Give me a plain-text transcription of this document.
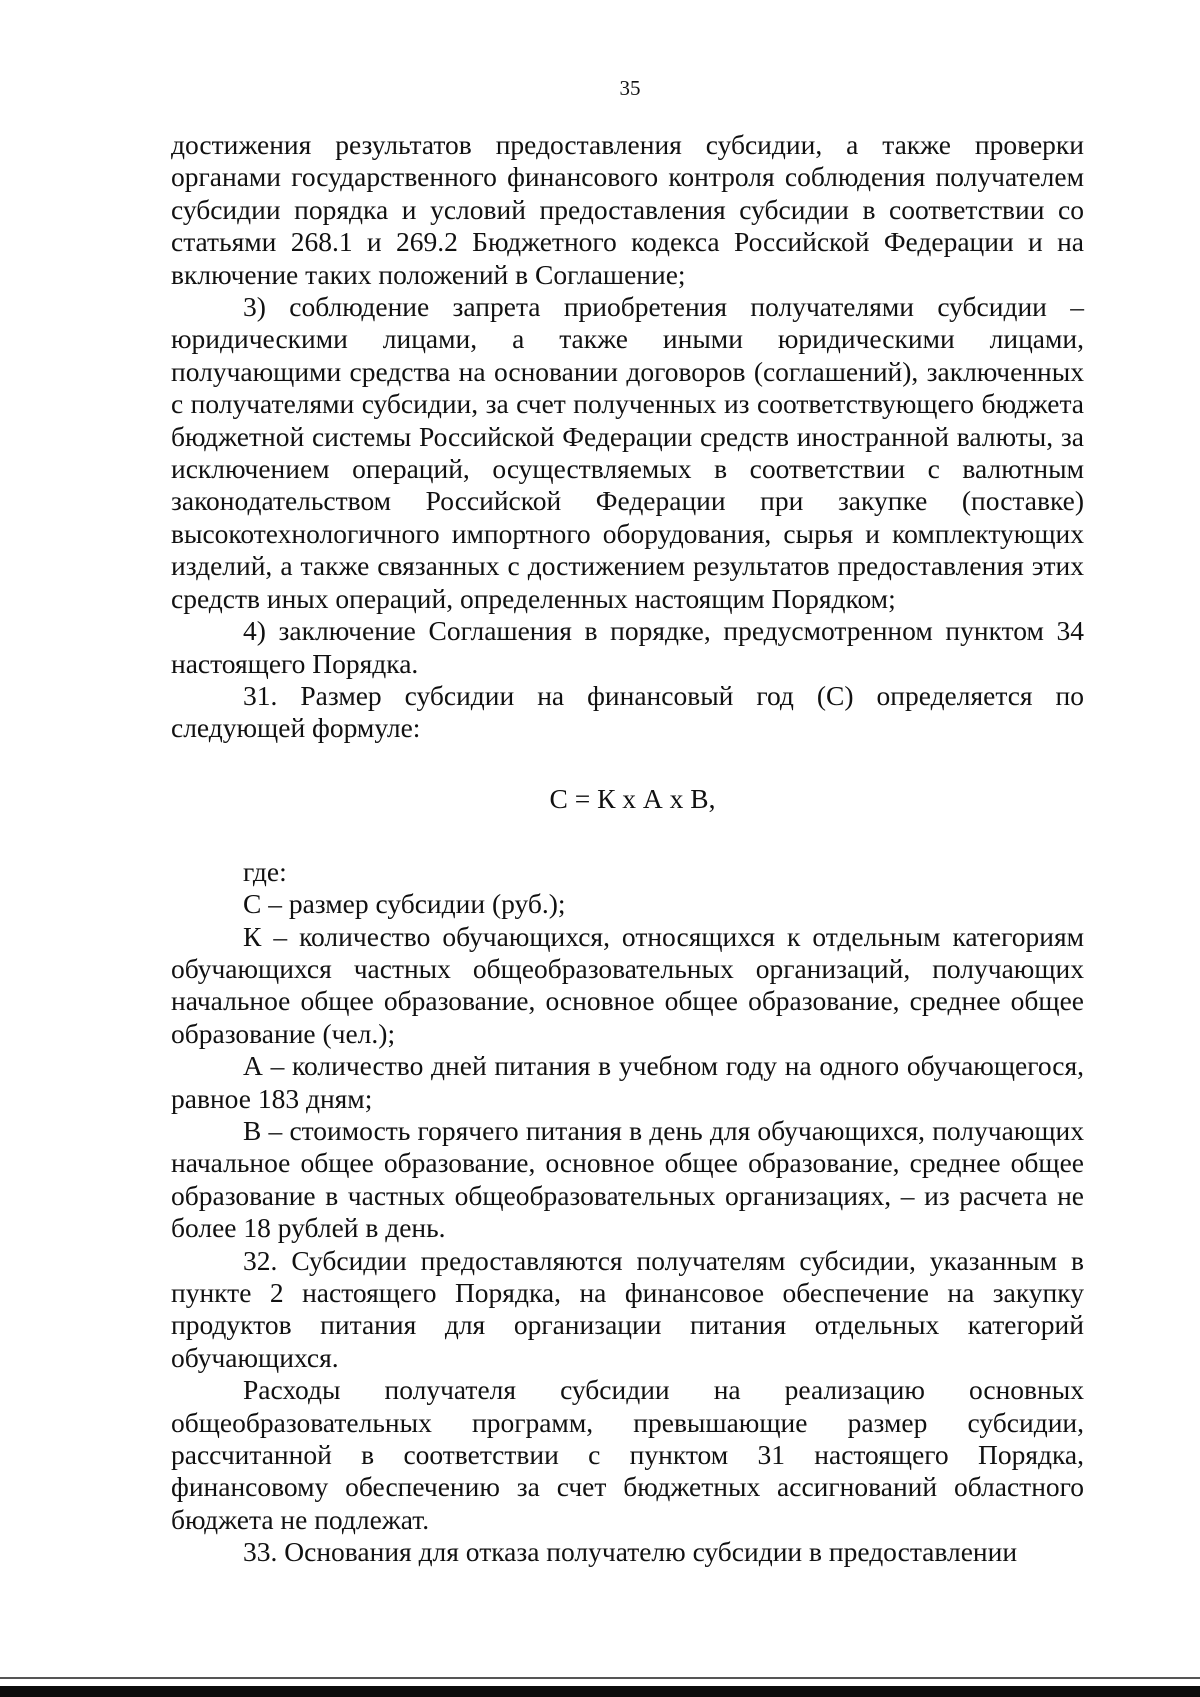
35

достижения результатов предоставления субсидии, а также проверки органами государственного финансового контроля соблюдения получателем субсидии порядка и условий предоставления субсидии в соответствии со статьями 268.1 и 269.2 Бюджетного кодекса Российской Федерации и на включение таких положений в Соглашение;

3) соблюдение запрета приобретения получателями субсидии – юридическими лицами, а также иными юридическими лицами, получающими средства на основании договоров (соглашений), заключенных с получателями субсидии, за счет полученных из соответствующего бюджета бюджетной системы Российской Федерации средств иностранной валюты, за исключением операций, осуществляемых в соответствии с валютным законодательством Российской Федерации при закупке (поставке) высокотехнологичного импортного оборудования, сырья и комплектующих изделий, а также связанных с достижением результатов предоставления этих средств иных операций, определенных настоящим Порядком;

4) заключение Соглашения в порядке, предусмотренном пунктом 34 настоящего Порядка.

31. Размер субсидии на финансовый год (С) определяется по следующей формуле:

С = К х А х В,

где:

С – размер субсидии (руб.);

К – количество обучающихся, относящихся к отдельным категориям обучающихся частных общеобразовательных организаций, получающих начальное общее образование, основное общее образование, среднее общее образование (чел.);

А – количество дней питания в учебном году на одного обучающегося, равное 183 дням;

В – стоимость горячего питания в день для обучающихся, получающих начальное общее образование, основное общее образование, среднее общее образование в частных общеобразовательных организациях, – из расчета не более 18 рублей в день.

32. Субсидии предоставляются получателям субсидии, указанным в пункте 2 настоящего Порядка, на финансовое обеспечение на закупку продуктов питания для организации питания отдельных категорий обучающихся.

Расходы получателя субсидии на реализацию основных общеобразовательных программ, превышающие размер субсидии, рассчитанной в соответствии с пунктом 31 настоящего Порядка, финансовому обеспечению за счет бюджетных ассигнований областного бюджета не подлежат.

33. Основания для отказа получателю субсидии в предоставлении
